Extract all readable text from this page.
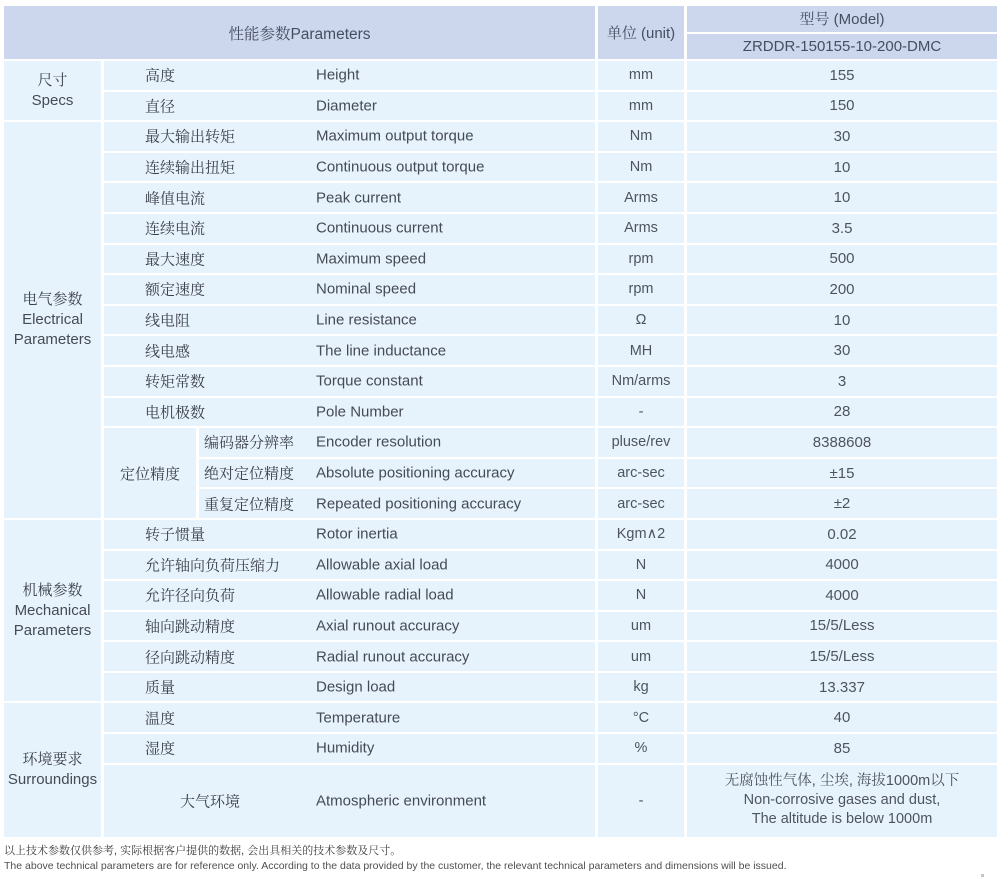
性能参数Parameters	单位 (unit)
型号 (Model)
ZRDDR-150155-10-200-DMC
尺寸
Specs
高度	Height	mm	155
直径	Diameter	mm	150
电气参数
Electrical Parameters
最大输出转矩	Maximum output torque	Nm	30
连续输出扭矩	Continuous output torque	Nm	10
峰值电流	Peak current	Arms	10
连续电流	Continuous current	Arms	3.5
最大速度	Maximum speed	rpm	500
额定速度	Nominal speed	rpm	200
线电阻	Line resistance	Ω	10
线电感	The line inductance	MH	30
转矩常数	Torque constant	Nm/arms	3
电机极数	Pole Number	-	28
定位精度
编码器分辨率 Encoder resolution	pluse/rev	8388608
绝对定位精度 Absolute positioning accuracy	arc-sec	±15
重复定位精度 Repeated positioning accuracy	arc-sec	±2
机械参数
Mechanical Parameters
转子惯量	Rotor inertia	Kgm∧2	0.02
允许轴向负荷压缩力 Allowable axial load	N	4000
允许径向负荷	Allowable radial load	N	4000
轴向跳动精度	Axial runout accuracy	um	15/5/Less
径向跳动精度	Radial runout accuracy	um	15/5/Less
质量	Design load	kg	13.337
环境要求
Surroundings
温度	Temperature	°C	40
湿度	Humidity	%	85
大气环境	Atmospheric environment	-
无腐蚀性气体, 尘埃, 海拔1000m以下
Non-corrosive gases and dust,
The altitude is below 1000m
以上技术参数仅供参考, 实际根据客户提供的数据, 会出具相关的技术参数及尺寸。
The above technical parameters are for reference only. According to the data provided by the customer, the relevant technical parameters and dimensions will be issued.
